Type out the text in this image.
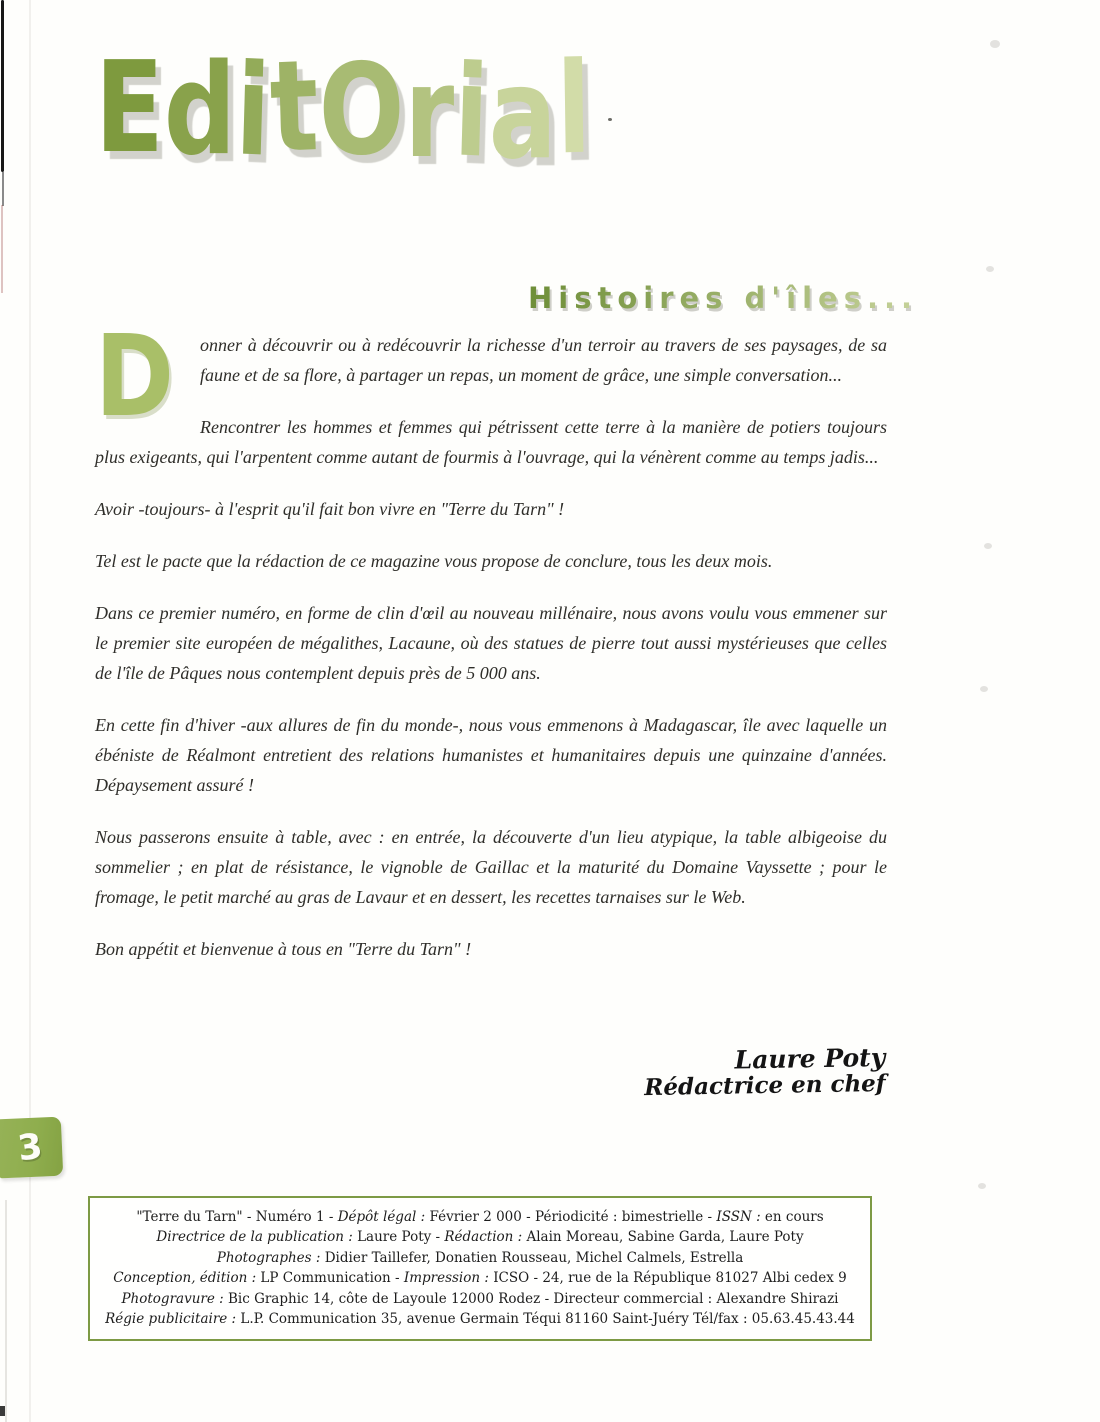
EditOrial
Histoires d'îles...

D onner à découvrir ou à redécouvrir la richesse d'un terroir au travers de ses paysages, de sa faune et de sa flore, à partager un repas, un moment de grâce, une simple conversation...

Rencontrer les hommes et femmes qui pétrissent cette terre à la manière de potiers toujours plus exigeants, qui l'arpentent comme autant de fourmis à l'ouvrage, qui la vénèrent comme au temps jadis...

Avoir -toujours- à l'esprit qu'il fait bon vivre en "Terre du Tarn" !

Tel est le pacte que la rédaction de ce magazine vous propose de conclure, tous les deux mois.

Dans ce premier numéro, en forme de clin d'œil au nouveau millénaire, nous avons voulu vous emmener sur le premier site européen de mégalithes, Lacaune, où des statues de pierre tout aussi mystérieuses que celles de l'île de Pâques nous contemplent depuis près de 5 000 ans.

En cette fin d'hiver -aux allures de fin du monde-, nous vous emmenons à Madagascar, île avec laquelle un ébéniste de Réalmont entretient des relations humanistes et humanitaires depuis une quinzaine d'années. Dépaysement assuré !

Nous passerons ensuite à table, avec : en entrée, la découverte d'un lieu atypique, la table albigeoise du sommelier ; en plat de résistance, le vignoble de Gaillac et la maturité du Domaine Vayssette ; pour le fromage, le petit marché au gras de Lavaur et en dessert, les recettes tarnaises sur le Web.

Bon appétit et bienvenue à tous en "Terre du Tarn" !

Laure Poty
Rédactrice en chef
3
"Terre du Tarn" - Numéro 1 - Dépôt légal : Février 2 000 - Périodicité : bimestrielle - ISSN : en cours
Directrice de la publication : Laure Poty - Rédaction : Alain Moreau, Sabine Garda, Laure Poty
Photographes : Didier Taillefer, Donatien Rousseau, Michel Calmels, Estrella
Conception, édition : LP Communication - Impression : ICSO - 24, rue de la République 81027 Albi cedex 9
Photogravure : Bic Graphic 14, côte de Layoule 12000 Rodez - Directeur commercial : Alexandre Shirazi
Régie publicitaire : L.P. Communication 35, avenue Germain Téqui 81160 Saint-Juéry Tél/fax : 05.63.45.43.44
